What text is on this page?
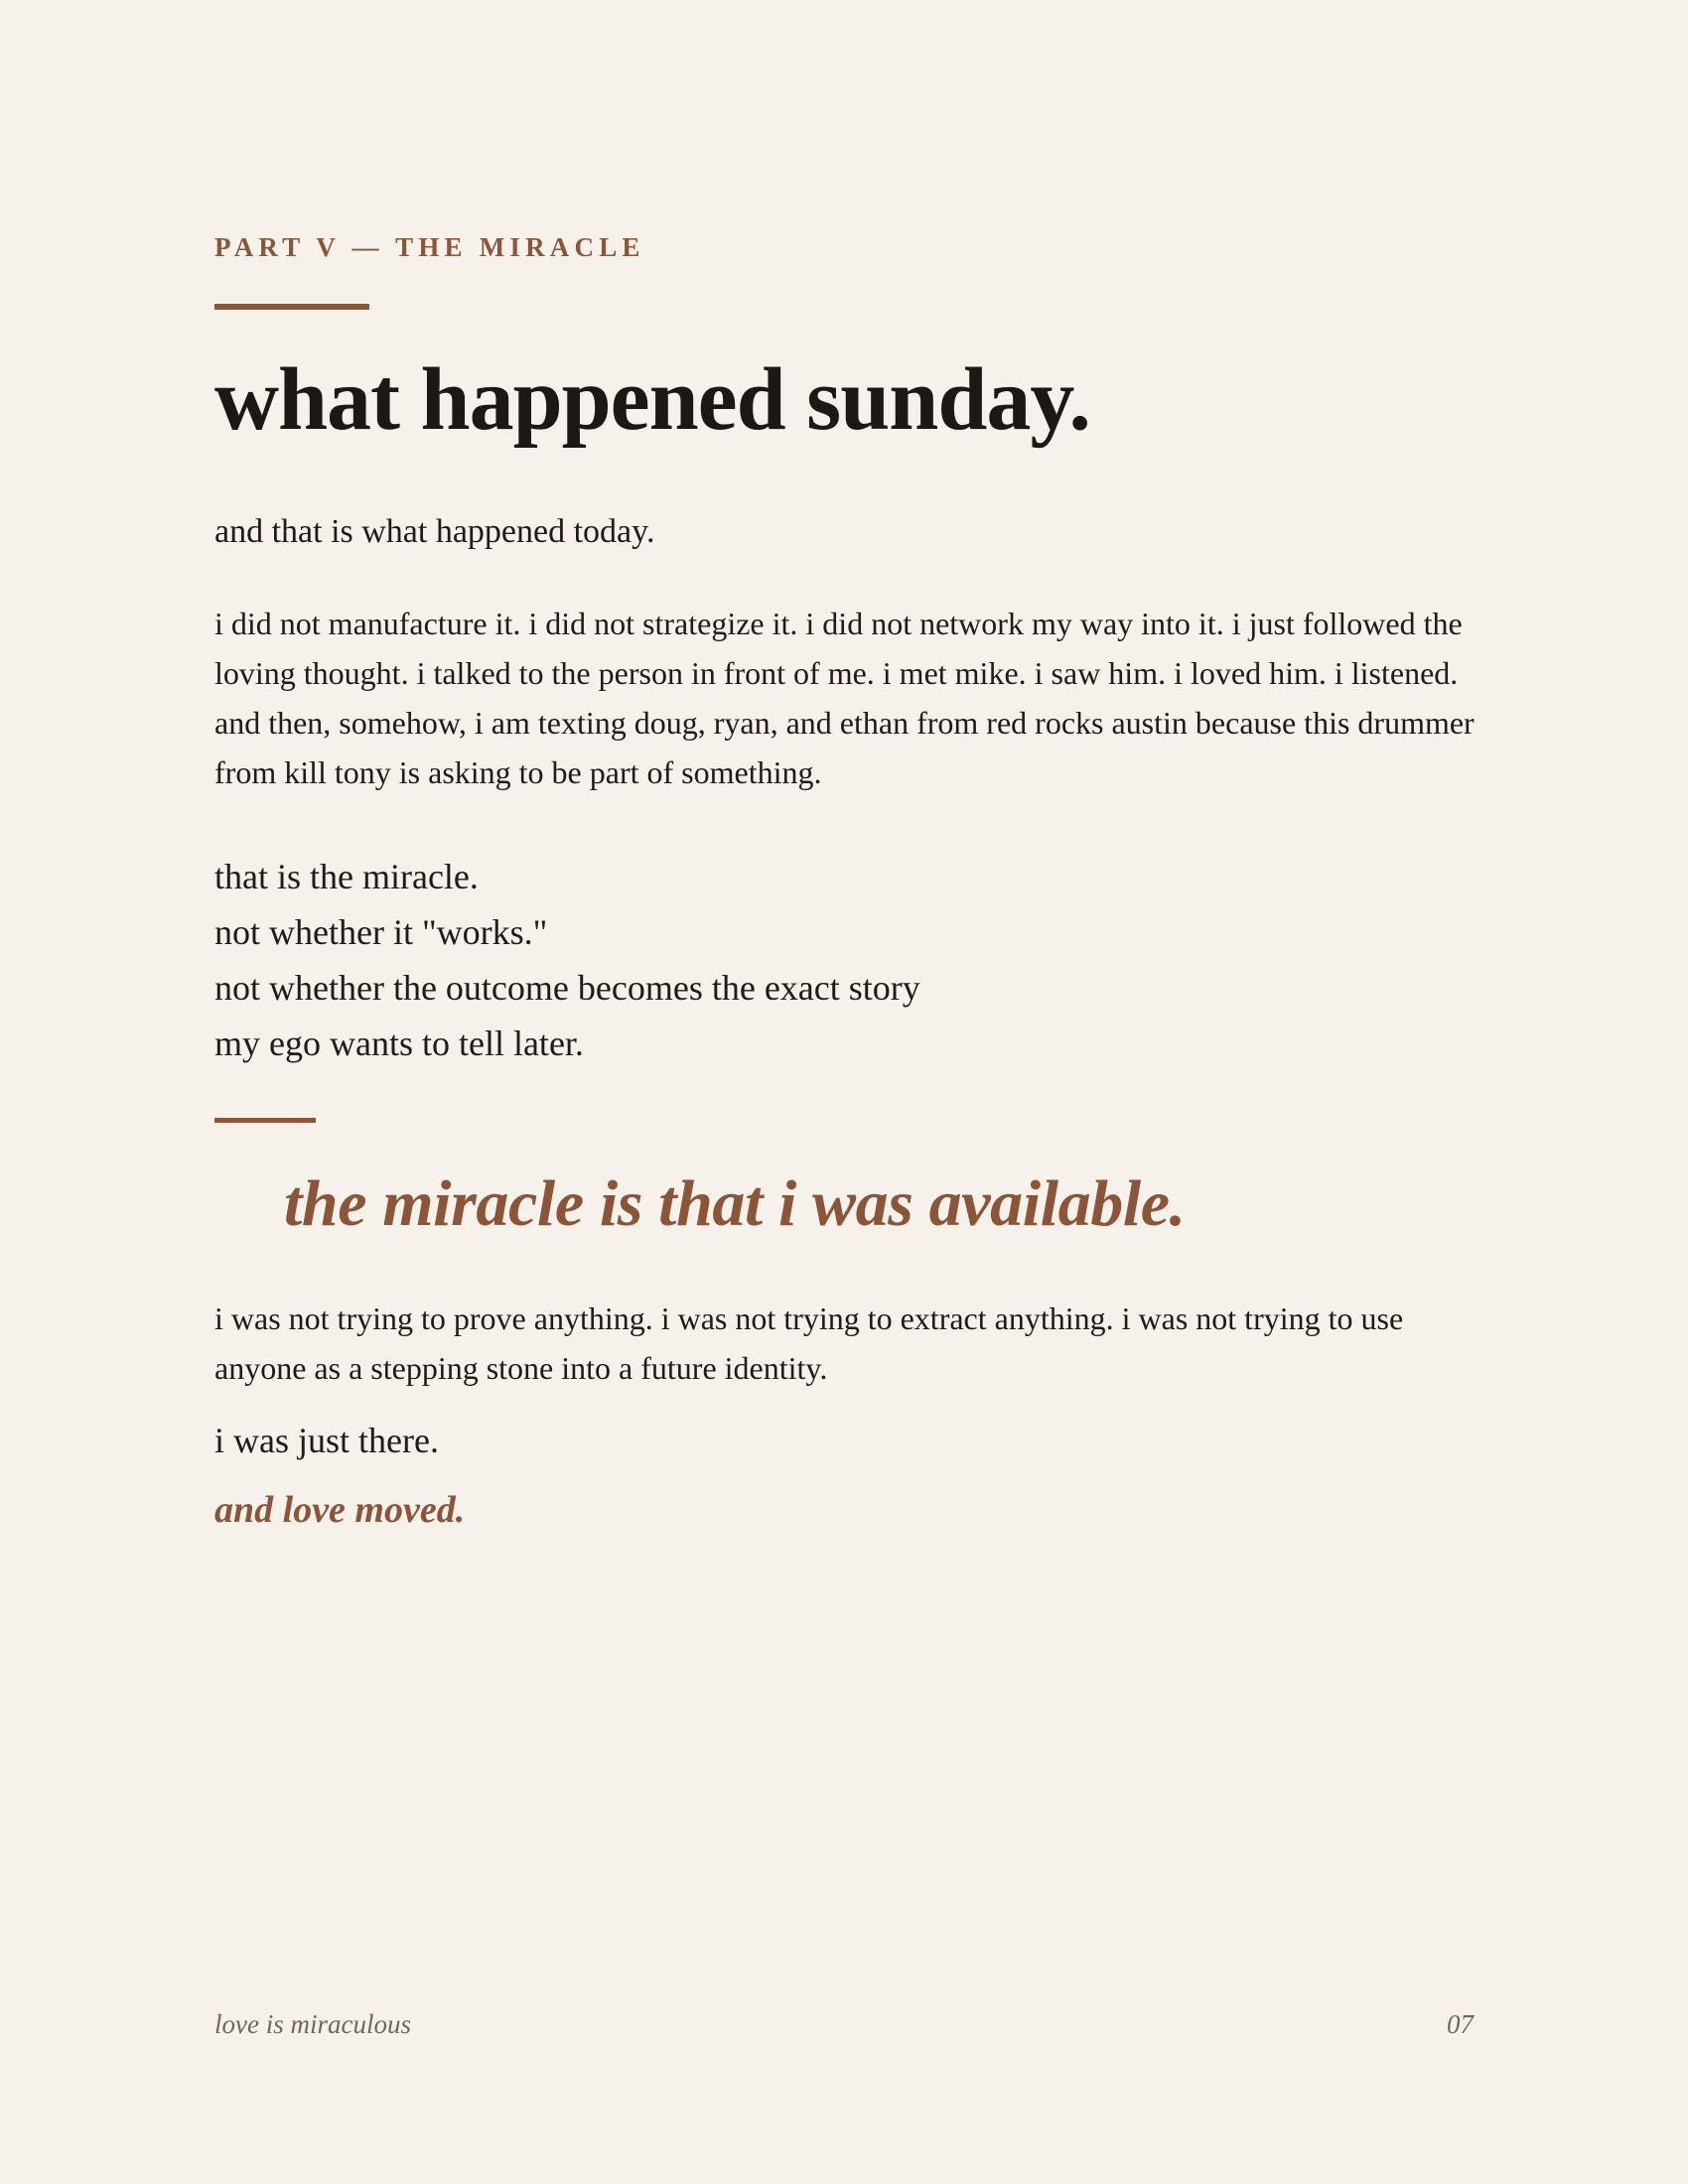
PART V — THE MIRACLE
what happened sunday.

and that is what happened today.

i did not manufacture it. i did not strategize it. i did not network my way into it. i just followed the loving thought. i talked to the person in front of me. i met mike. i saw him. i loved him. i listened. and then, somehow, i am texting doug, ryan, and ethan from red rocks austin because this drummer from kill tony is asking to be part of something.

that is the miracle.
not whether it "works."
not whether the outcome becomes the exact story
my ego wants to tell later.

the miracle is that i was available.

i was not trying to prove anything. i was not trying to extract anything. i was not trying to use anyone as a stepping stone into a future identity.

i was just there.

and love moved.

love is miraculous	07
